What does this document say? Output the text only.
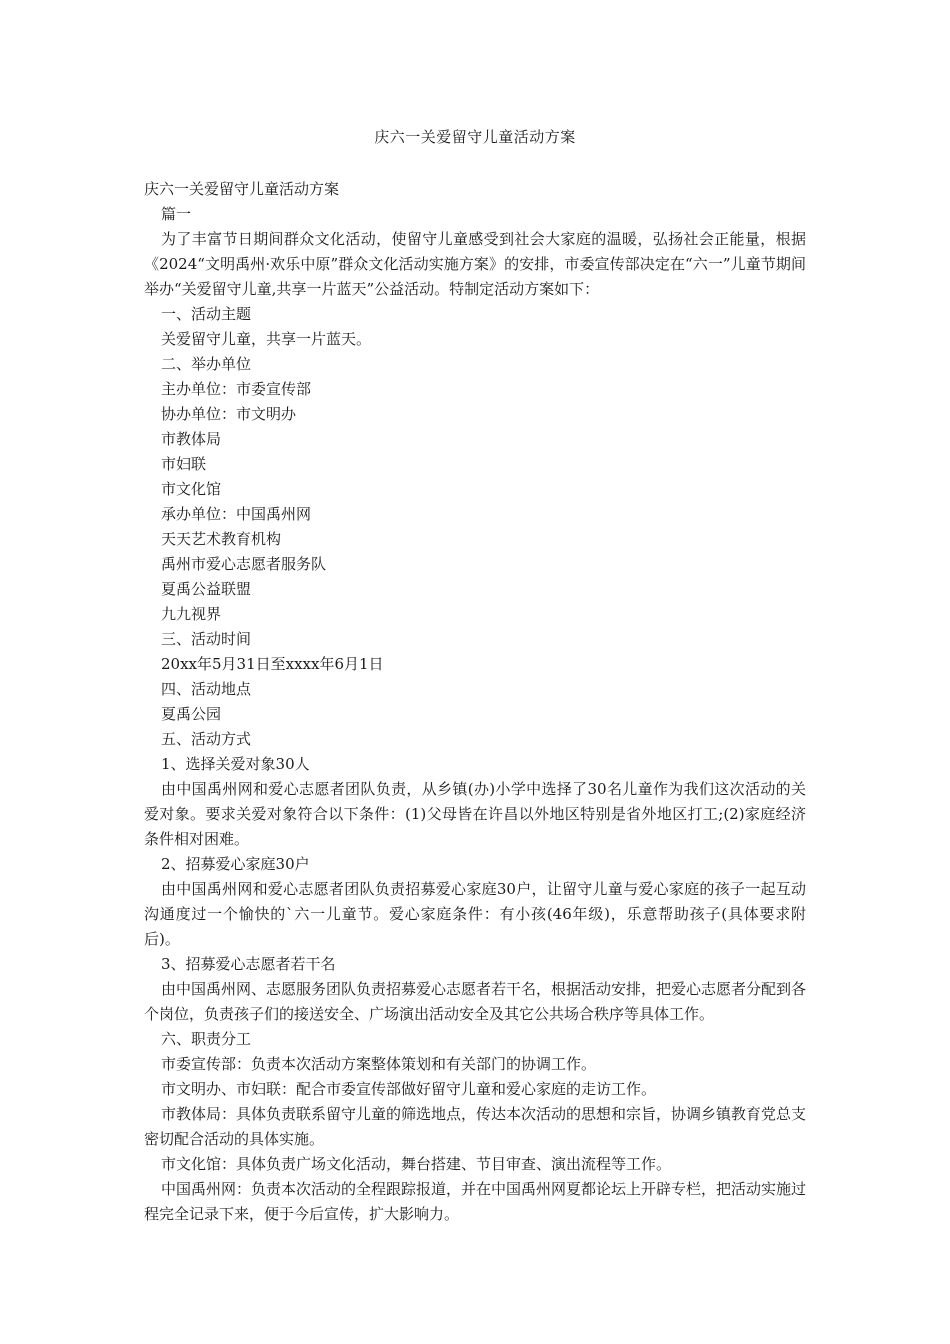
庆六一关爱留守儿童活动方案

庆六一关爱留守儿童活动方案

篇一

为了丰富节日期间群众文化活动，使留守儿童感受到社会大家庭的温暖，弘扬社会正能量，根据《2024“文明禹州·欢乐中原”群众文化活动实施方案》的安排，市委宣传部决定在“六一”儿童节期间举办“关爱留守儿童,共享一片蓝天”公益活动。特制定活动方案如下：

一、活动主题

关爱留守儿童，共享一片蓝天。

二、举办单位

主办单位：市委宣传部

协办单位：市文明办

市教体局

市妇联

市文化馆

承办单位：中国禹州网

天天艺术教育机构

禹州市爱心志愿者服务队

夏禹公益联盟

九九视界

三、活动时间

20xx年5月31日至xxxx年6月1日

四、活动地点

夏禹公园

五、活动方式

1、选择关爱对象30人

由中国禹州网和爱心志愿者团队负责，从乡镇(办)小学中选择了30名儿童作为我们这次活动的关爱对象。要求关爱对象符合以下条件：(1)父母皆在许昌以外地区特别是省外地区打工;(2)家庭经济条件相对困难。

2、招募爱心家庭30户

由中国禹州网和爱心志愿者团队负责招募爱心家庭30户，让留守儿童与爱心家庭的孩子一起互动沟通度过一个愉快的`六一儿童节。爱心家庭条件：有小孩(46年级)，乐意帮助孩子(具体要求附后)。

3、招募爱心志愿者若干名

由中国禹州网、志愿服务团队负责招募爱心志愿者若干名，根据活动安排，把爱心志愿者分配到各个岗位，负责孩子们的接送安全、广场演出活动安全及其它公共场合秩序等具体工作。

六、职责分工

市委宣传部：负责本次活动方案整体策划和有关部门的协调工作。

市文明办、市妇联：配合市委宣传部做好留守儿童和爱心家庭的走访工作。

市教体局：具体负责联系留守儿童的筛选地点，传达本次活动的思想和宗旨，协调乡镇教育党总支密切配合活动的具体实施。

市文化馆：具体负责广场文化活动，舞台搭建、节目审查、演出流程等工作。

中国禹州网：负责本次活动的全程跟踪报道，并在中国禹州网夏都论坛上开辟专栏，把活动实施过程完全记录下来，便于今后宣传，扩大影响力。
